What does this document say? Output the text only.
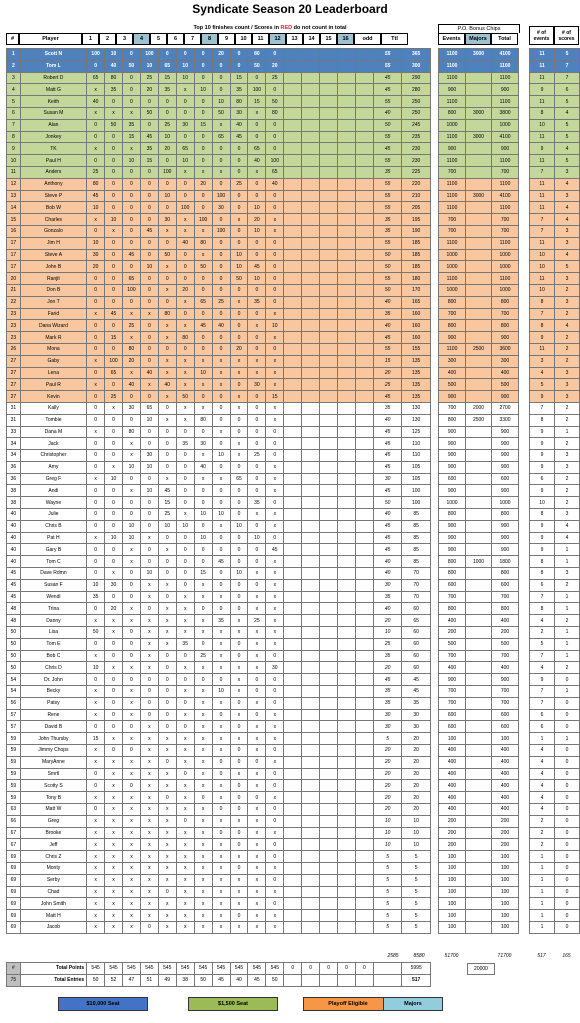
Syndicate Season 20 Leaderboard
Top 10 finishes count / Scores in RED do not count in total	P.O. Bonus Chips
#	Player	1	2	3	4	5	6	7	8	9	10	11	12	13	14	15	16	odd	Ttl	Events	Majors	Total
# of events
# of scores
1	Scott N	100	10	0	100	0	0	0	20	0	80	0						55	365
2	Tom L	0	40	50	10	65	10	0	0	0	50	20						55	300
3	Robert D	65	80	0	25	15	10	0	0	15	0	25						45	290
4	Matt G	x	35	0	20	35	x	10	0	35	100	0						45	280
5	Keith	40	0	0	0	0	0	0	10	80	15	50						55	250
6	Susan M	x	x	x	50	0	0	0	50	30	x	80						40	250
7	Alan	0	50	35	0	25	30	15	x	40	0	0						50	245
8	Jonkey	0	0	15	45	10	0	0	65	45	0	0						55	235
9	TK	x	0	x	35	20	65	0	0	0	65	0						45	230
10	Paul H	0	0	10	15	0	10	0	0	0	40	100						55	230
11	Anders	25	0	0	0	100	x	x	x	0	x	65						35	225
12	Anthony	80	0	0	0	0	0	20	0	25	0	40						55	220
13	Steve P	45	0	0	0	10	0	0	100	0	0	0						55	210
14	Bob W	10	0	0	0	0	100	0	30	0	10	0						55	205
15	Charles	x	10	0	0	30	x	100	0	x	20	x						35	195
16	Gonzalo	0	x	0	45	x	x	x	100	0	10	x						35	190
17	Jim H	10	0	0	0	0	40	80	0	0	0	0						55	185
17	Steve A	30	0	45	0	50	0	x	0	10	0	0						50	185
17	John B	20	0	0	10	x	0	50	0	10	45	0						50	185
20	Ranjit	0	0	65	0	0	0	0	0	50	10	0						55	180
21	Don B	0	0	100	0	x	20	0	0	0	0	0						50	170
22	Jon T	0	0	0	0	0	x	65	25	x	35	0						40	165
23	Farid	x	45	x	x	80	0	0	0	0	0	x						35	160
23	Dana Wizard	0	0	25	0	x	x	45	40	0	x	10						40	160
23	Mark R	0	15	x	0	x	80	0	0	0	0	x						45	160
26	Mona	0	0	80	0	0	0	0	0	20	0	0						55	155
27	Gaby	x	100	20	0	x	x	x	x	x	x	x						15	135
27	Lena	0	65	x	40	x	x	10	x	x	x	x						20	135
27	Paul R	x	0	40	x	40	x	x	x	0	30	x						25	135
27	Kevin	0	25	0	0	x	50	0	0	x	0	15						45	135
31	Kally	0	x	30	65	0	x	x	0	x	0	x						35	130
31	Tombie	0	0	0	10	x	x	80	0	0	0	x						40	130
33	Dana M	x	0	80	0	0	0	0	x	0	0	0						45	125
34	Jack	0	0	x	0	0	35	30	0	x	0	0						45	110
34	Christopher	0	0	x	30	0	0	x	10	x	25	0						45	110
36	Amy	0	x	10	10	0	0	40	0	0	0	x						45	105
36	Greg F	x	10	0	0	x	0	x	x	65	0	x						30	105
38	Andi	0	0	x	10	45	0	0	0	0	0	x						45	100
38	Wayne	0	0	0	0	15	0	0	0	0	35	0						50	100
40	Julie	0	0	0	0	25	x	10	10	0	x	x						40	85
40	Chris B	0	0	10	0	10	10	0	x	10	0	x						45	85
40	Pat H	x	10	10	x	0	0	10	0	0	10	0						45	85
40	Gary B	0	0	x	0	x	0	0	0	0	0	45						45	85
40	Tom C	0	0	x	0	0	0	0	45	0	0	x						40	85
45	Dave Rdmn	0	x	0	10	0	0	15	0	10	x	x						40	70
45	Susan F	10	30	0	x	x	0	x	0	0	0	x						30	70
45	Wendi	35	0	0	x	0	x	x	x	0	x	x						35	70
48	Trina	0	20	x	0	x	x	0	0	0	x	x						40	60
48	Danny	x	x	x	x	x	x	x	35	x	25	x						20	65
50	Lisa	50	x	0	x	x	x	x	x	x	x	x						10	60
50	Tom E	0	0	0	x	x	35	0	x	0	x	x						25	60
50	Bob C	x	0	0	x	0	0	25	x	0	x	0						35	60
50	Chris D	10	x	x	x	0	x	x	x	x	x	30						20	60
54	Dr. John	0	0	0	0	0	0	0	0	x	0	0						45	45
54	Becky	x	0	x	0	0	x	x	10	x	0	0						35	45
56	Patsy	x	0	x	0	0	0	x	x	0	x	0						35	35
57	Rene	x	0	x	0	0	x	x	0	x	0	x						30	30
57	David B	0	0	0	x	0	0	x	x	0	x	x						30	30
59	John Thursby	15	x	x	x	x	x	x	x	x	x	x						5	20
59	Jimmy Chops	x	0	0	x	x	x	x	x	0	x	0						20	20
59	MaryAnne	x	x	x	x	0	x	x	0	0	0	x						20	20
59	Smrtl	0	x	x	x	x	0	x	0	x	x	0						20	20
59	Scotty S	0	x	0	x	x	x	x	x	0	x	0						20	20
59	Tony B	x	x	x	x	0	x	0	x	0	0	x						20	20
63	Matt W	0	x	x	x	x	x	x	0	0	x	0						20	20
66	Greg	x	x	x	x	x	0	x	x	x	x	0						10	10
67	Brooke	x	x	x	x	x	x	x	0	0	x	x						10	10
67	Jeff	x	x	x	x	x	x	x	x	0	x	0						10	10
69	Chris Z	x	x	x	x	x	x	x	x	x	x	0						5	5
69	Monty	x	x	x	x	x	x	x	x	0	x	x						5	5
69	Serby	x	x	x	x	x	x	x	x	x	x	0						5	5
69	Chad	x	x	x	x	0	x	x	x	x	x	x						5	5
69	John Smith	x	x	x	x	x	x	x	x	x	x	0						5	5
69	Matt H	x	x	x	x	x	x	x	x	0	x	x						5	5
69	Jacob	x	x	x	0	x	x	x	x	x	x	x						5	5
1100	3000	4100
1100		1100
1100		1100
900		900
1100		1100
800	3000	3800
1000		1000
1100	3000	4100
900		900
1100		1100
700		700
1100		1100
1100	3000	4100
1100		1100
700		700
700		700
1100		1100
1000		1000
1000		1000
1100		1100
1000		1000
800		800
700		700
800		800
900		900
1100	2500	3600
300		300
400		400
500		500
900		900
700	2000	2700
800	2500	3300
900		900
900		900
900		900
900		900
600		600
900		900
1000		1000
800		800
900		900
900		900
900		900
800	1000	1800
800		800
600		600
700		700
800		800
400		400
200		200
500		500
700		700
400		400
900		900
700		700
700		700
600		600
600		600
100		100
400		400
400		400
400		400
400		400
400		400
400		400
200		200
200		200
200		200
100		100
100		100
100		100
100		100
100		100
100		100
100		100
11	5
11	7
11	7
9	6
11	5
8	4
10	5
11	5
9	4
11	5
7	3
11	4
11	3
11	4
7	4
7	3
11	3
10	4
10	5
11	3
10	2
8	3
7	2
8	4
9	2
11	2
3	2
4	3
5	3
9	3
7	2
8	2
9	1
9	2
9	3
9	3
6	2
9	2
10	2
8	3
9	4
9	4
9	1
8	1
8	3
6	2
7	1
8	1
4	2
2	1
5	1
7	1
4	2
9	0
7	1
7	0
6	0
6	0
1	1
4	0
4	0
4	0
4	0
4	0
4	0
2	0
2	0
2	0
1	0
1	0
1	0
1	0
1	0
1	0
1	0
2585	8580	51700	71700	517	165
#	Total Points	545	545	545	545	545	545	545	545	545	545	545	0	0	0	0	0		5995
75	Total Entries	50	52	47	51	49	38	50	45	40	45	50							517
20000
$10,000 Seat	$1,500 Seat	Playoff Eligible	Majors
